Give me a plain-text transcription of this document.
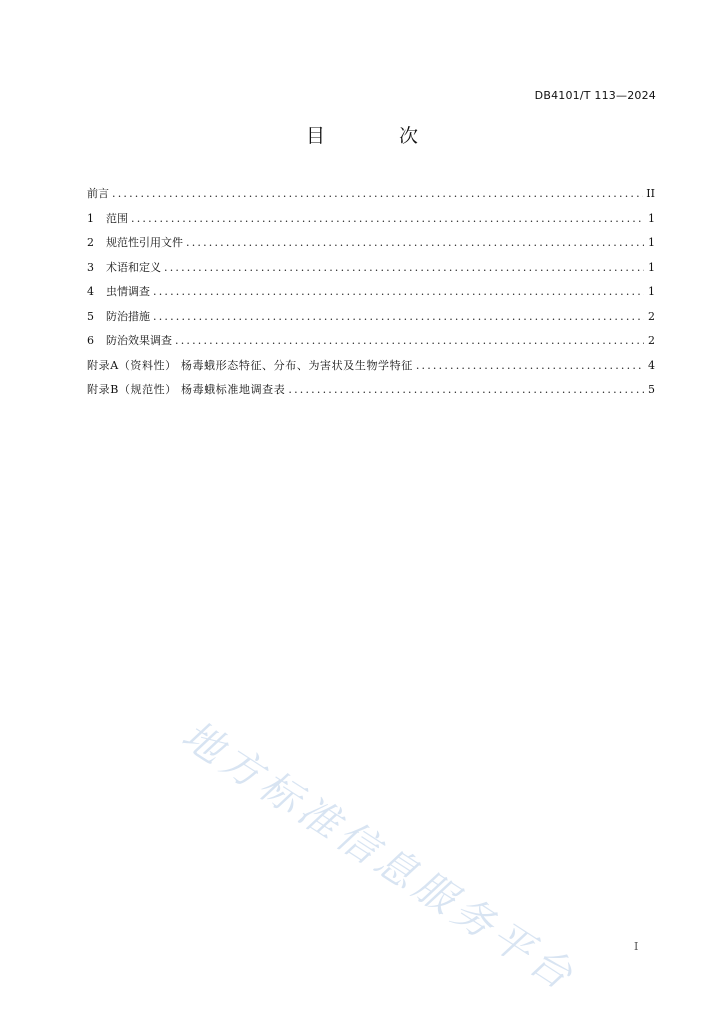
DB4101/T 113—2024
目 次
前言 .....	II
1	范围 .....	1
2	规范性引用文件 .....	1
3	术语和定义 .....	1
4	虫情调查 .....	1
5	防治措施 .....	2
6	防治效果调查 .....	2
附录A（资料性） 杨毒蛾形态特征、分布、为害状及生物学特征 .....	4
附录B（规范性） 杨毒蛾标准地调查表 .....	5
地方标准信息服务平台	I
